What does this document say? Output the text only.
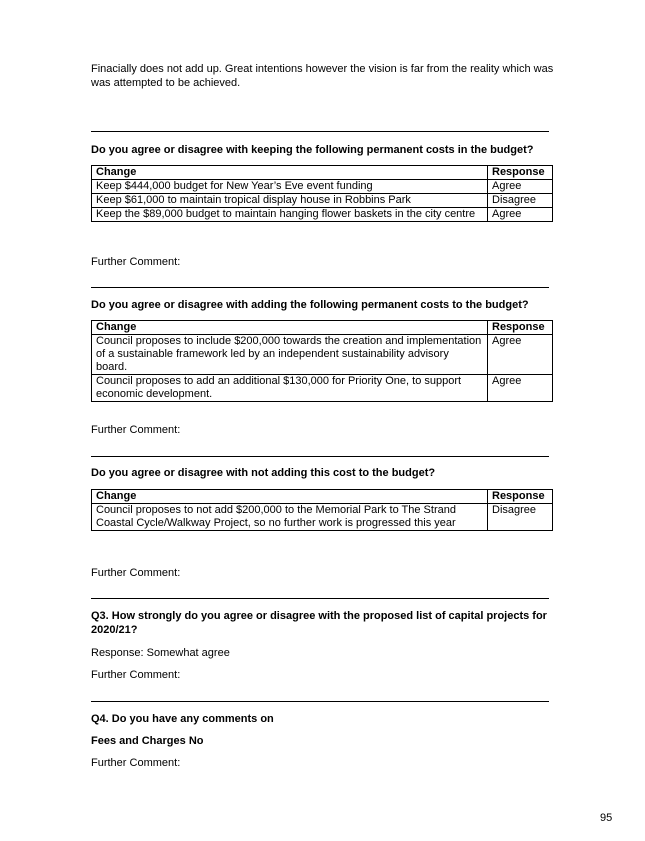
Finacially does not add up. Great intentions however the vision is far from the reality which was was attempted to be achieved.
Do you agree or disagree with keeping the following permanent costs in the budget?
Change	Response
Keep $444,000 budget for New Year’s Eve event funding	Agree
Keep $61,000 to maintain tropical display house in Robbins Park	Disagree
Keep the $89,000 budget to maintain hanging flower baskets in the city centre	Agree
Further Comment:
Do you agree or disagree with adding the following permanent costs to the budget?
Change	Response
Council proposes to include $200,000 towards the creation and implementation of a sustainable framework led by an independent sustainability advisory board.	Agree
Council proposes to add an additional $130,000 for Priority One, to support economic development.	Agree
Further Comment:
Do you agree or disagree with not adding this cost to the budget?
Change	Response
Council proposes to not add $200,000 to the Memorial Park to The Strand Coastal Cycle/Walkway Project, so no further work is progressed this year	Disagree
Further Comment:
Q3. How strongly do you agree or disagree with the proposed list of capital projects for 2020/21?
Response: Somewhat agree
Further Comment:
Q4. Do you have any comments on
Fees and Charges No
Further Comment:
95
